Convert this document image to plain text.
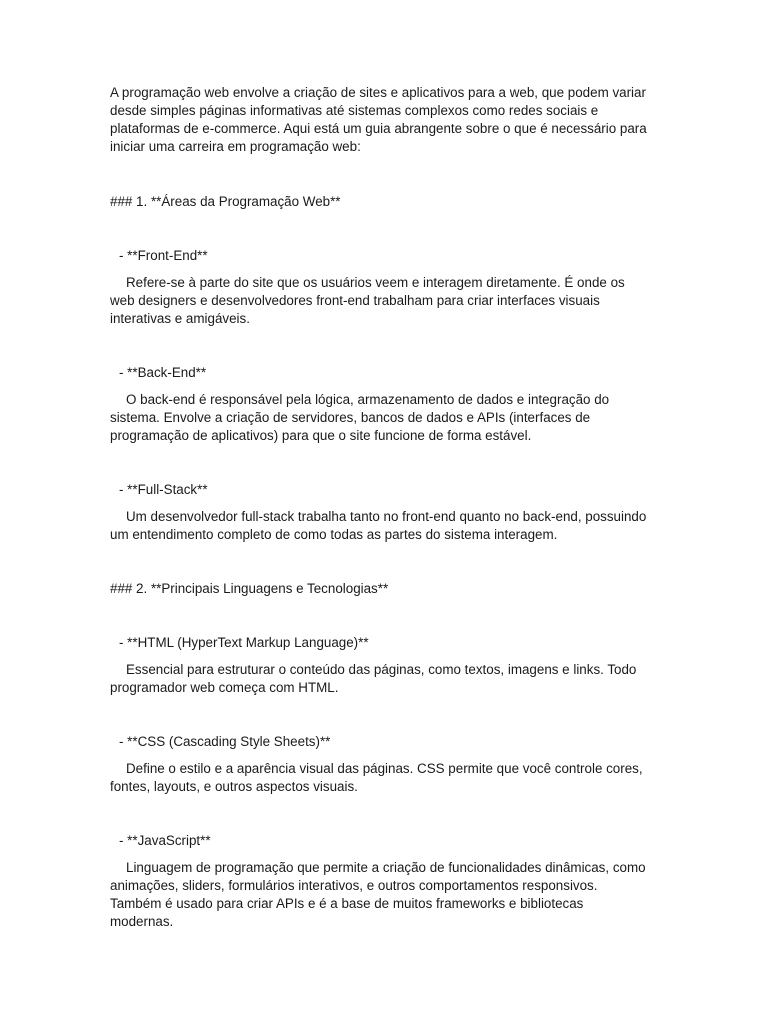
A programação web envolve a criação de sites e aplicativos para a web, que podem variar desde simples páginas informativas até sistemas complexos como redes sociais e plataformas de e-commerce. Aqui está um guia abrangente sobre o que é necessário para iniciar uma carreira em programação web:

### 1. **Áreas da Programação Web**

- **Front-End**

Refere-se à parte do site que os usuários veem e interagem diretamente. É onde os web designers e desenvolvedores front-end trabalham para criar interfaces visuais interativas e amigáveis.

- **Back-End**

O back-end é responsável pela lógica, armazenamento de dados e integração do sistema. Envolve a criação de servidores, bancos de dados e APIs (interfaces de programação de aplicativos) para que o site funcione de forma estável.

- **Full-Stack**

Um desenvolvedor full-stack trabalha tanto no front-end quanto no back-end, possuindo um entendimento completo de como todas as partes do sistema interagem.

### 2. **Principais Linguagens e Tecnologias**

- **HTML (HyperText Markup Language)**

Essencial para estruturar o conteúdo das páginas, como textos, imagens e links. Todo programador web começa com HTML.

- **CSS (Cascading Style Sheets)**

Define o estilo e a aparência visual das páginas. CSS permite que você controle cores, fontes, layouts, e outros aspectos visuais.

- **JavaScript**

Linguagem de programação que permite a criação de funcionalidades dinâmicas, como animações, sliders, formulários interativos, e outros comportamentos responsivos. Também é usado para criar APIs e é a base de muitos frameworks e bibliotecas modernas.
